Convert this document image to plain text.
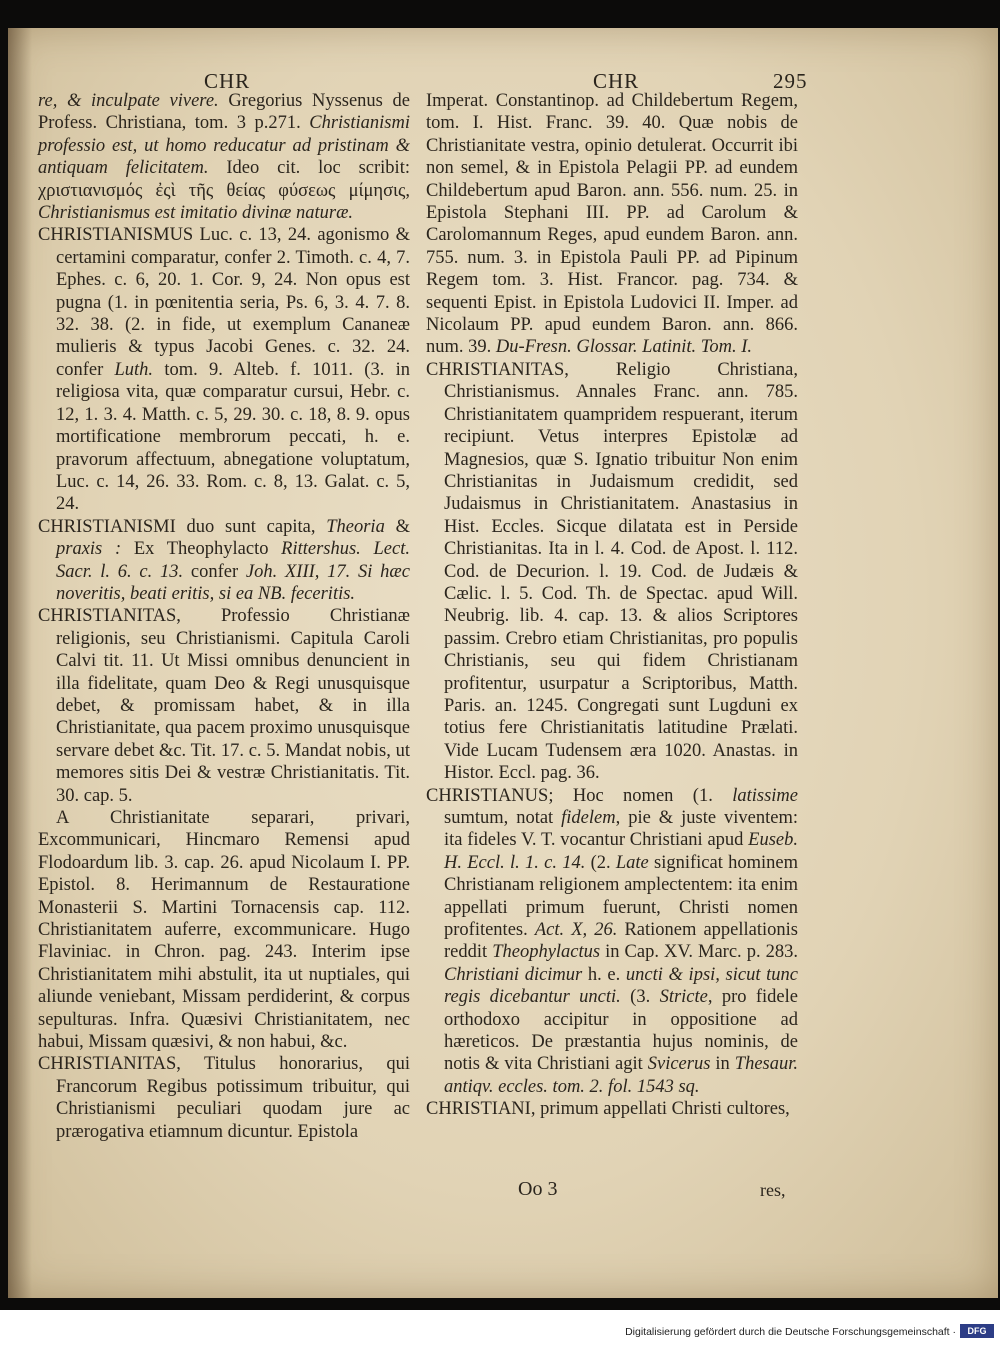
CHR	CHR	295

re, & inculpate vivere. Gregorius Nyssenus de Profess. Christiana, tom. 3 p.271. Christianismi professio est, ut homo reducatur ad pristinam & antiquam felicitatem. Ideo cit. loc scribit: χριστιανισμός ἐςὶ τῆς θείας φύσεως μίμησις, Christianismus est imitatio divinæ naturæ.

CHRISTIANISMUS Luc. c. 13, 24. agonismo & certamini comparatur, confer 2. Timoth. c. 4, 7. Ephes. c. 6, 20. 1. Cor. 9, 24. Non opus est pugna (1. in pœnitentia seria, Ps. 6, 3. 4. 7. 8. 32. 38. (2. in fide, ut exemplum Cananeæ mulieris & typus Jacobi Genes. c. 32. 24. confer Luth. tom. 9. Alteb. f. 1011. (3. in religiosa vita, quæ comparatur cursui, Hebr. c. 12, 1. 3. 4. Matth. c. 5, 29. 30. c. 18, 8. 9. opus mortificatione membrorum peccati, h. e. pravorum affectuum, abnegatione voluptatum, Luc. c. 14, 26. 33. Rom. c. 8, 13. Galat. c. 5, 24.

CHRISTIANISMI duo sunt capita, Theoria & praxis : Ex Theophylacto Rittershus. Lect. Sacr. l. 6. c. 13. confer Joh. XIII, 17. Si hæc noveritis, beati eritis, si ea NB. feceritis.

CHRISTIANITAS, Professio Christianæ religionis, seu Christianismi. Capitula Caroli Calvi tit. 11. Ut Missi omnibus denuncient in illa fidelitate, quam Deo & Regi unusquisque debet, & promissam habet, & in illa Christianitate, qua pacem proximo unusquisque servare debet &c. Tit. 17. c. 5. Mandat nobis, ut memores sitis Dei & vestræ Christianitatis. Tit. 30. cap. 5.

A Christianitate separari, privari, Excommunicari, Hincmaro Remensi apud Flodoardum lib. 3. cap. 26. apud Nicolaum I. PP. Epistol. 8. Herimannum de Restauratione Monasterii S. Martini Tornacensis cap. 112. Christianitatem auferre, excommunicare. Hugo Flaviniac. in Chron. pag. 243. Interim ipse Christianitatem mihi abstulit, ita ut nuptiales, qui aliunde veniebant, Missam perdiderint, & corpus sepulturas. Infra. Quæsivi Christianitatem, nec habui, Missam quæsivi, & non habui, &c.

CHRISTIANITAS, Titulus honorarius, qui Francorum Regibus potissimum tribuitur, qui Christianismi peculiari quodam jure ac prærogativa etiamnum dicuntur. Epistola

Imperat. Constantinop. ad Childebertum Regem, tom. I. Hist. Franc. 39. 40. Quæ nobis de Christianitate vestra, opinio detulerat. Occurrit ibi non semel, & in Epistola Pelagii PP. ad eundem Childebertum apud Baron. ann. 556. num. 25. in Epistola Stephani III. PP. ad Carolum & Carolomannum Reges, apud eundem Baron. ann. 755. num. 3. in Epistola Pauli PP. ad Pipinum Regem tom. 3. Hist. Francor. pag. 734. & sequenti Epist. in Epistola Ludovici II. Imper. ad Nicolaum PP. apud eundem Baron. ann. 866. num. 39. Du-Fresn. Glossar. Latinit. Tom. I.

CHRISTIANITAS, Religio Christiana, Christianismus. Annales Franc. ann. 785. Christianitatem quampridem respuerant, iterum recipiunt. Vetus interpres Epistolæ ad Magnesios, quæ S. Ignatio tribuitur Non enim Christianitas in Judaismum credidit, sed Judaismus in Christianitatem. Anastasius in Hist. Eccles. Sicque dilatata est in Perside Christianitas. Ita in l. 4. Cod. de Apost. l. 112. Cod. de Decurion. l. 19. Cod. de Judæis & Cælic. l. 5. Cod. Th. de Spectac. apud Will. Neubrig. lib. 4. cap. 13. & alios Scriptores passim. Crebro etiam Christianitas, pro populis Christianis, seu qui fidem Christianam profitentur, usurpatur a Scriptoribus, Matth. Paris. an. 1245. Congregati sunt Lugduni ex totius fere Christianitatis latitudine Prælati. Vide Lucam Tudensem æra 1020. Anastas. in Histor. Eccl. pag. 36.

CHRISTIANUS; Hoc nomen (1. latissime sumtum, notat fidelem, pie & juste viventem: ita fideles V. T. vocantur Christiani apud Euseb. H. Eccl. l. 1. c. 14. (2. Late significat hominem Christianam religionem amplectentem: ita enim appellati primum fuerunt, Christi nomen profitentes. Act. X, 26. Rationem appellationis reddit Theophylactus in Cap. XV. Marc. p. 283. Christiani dicimur h. e. uncti & ipsi, sicut tunc regis dicebantur uncti. (3. Stricte, pro fidele orthodoxo accipitur in oppositione ad hæreticos. De præstantia hujus nominis, de notis & vita Christiani agit Svicerus in Thesaur. antiqv. eccles. tom. 2. fol. 1543 sq.

CHRISTIANI, primum appellati Christi cultores,

Oo 3	res,
Digitalisierung gefördert durch die Deutsche Forschungsgemeinschaft ·	DFG
